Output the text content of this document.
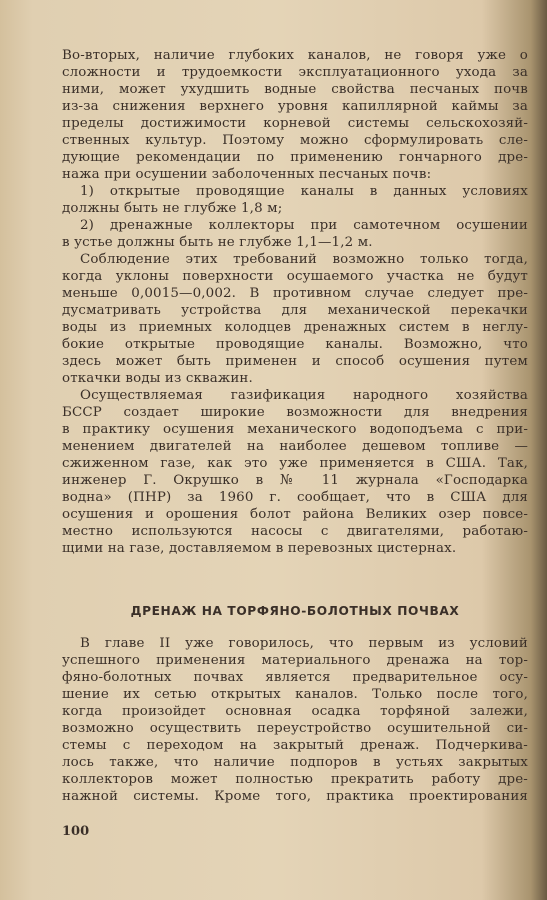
Во-вторых, наличие глубоких каналов, не говоря уже о
сложности и трудоемкости эксплуатационного ухода за
ними, может ухудшить водные свойства песчаных почв
из-за снижения верхнего уровня капиллярной каймы за
пределы достижимости корневой системы сельскохозяй-
ственных культур. Поэтому можно сформулировать сле-
дующие рекомендации по применению гончарного дре-
нажа при осушении заболоченных песчаных почв:
1) открытые проводящие каналы в данных условиях
должны быть не глубже 1,8 м;
2) дренажные коллекторы при самотечном осушении
в устье должны быть не глубже 1,1—1,2 м.
Соблюдение этих требований возможно только тогда,
когда уклоны поверхности осушаемого участка не будут
меньше 0,0015—0,002. В противном случае следует пре-
дусматривать устройства для механической перекачки
воды из приемных колодцев дренажных систем в неглу-
бокие открытые проводящие каналы. Возможно, что
здесь может быть применен и способ осушения путем
откачки воды из скважин.
Осуществляемая газификация народного хозяйства
БССР создает широкие возможности для внедрения
в практику осушения механического водоподъема с при-
менением двигателей на наиболее дешевом топливе —
сжиженном газе, как это уже применяется в США. Так,
инженер Г. Окрушко в № 11 журнала «Господарка
водна» (ПНР) за 1960 г. сообщает, что в США для
осушения и орошения болот района Великих озер повсе-
местно используются насосы с двигателями, работаю-
щими на газе, доставляемом в перевозных цистернах.
ДРЕНАЖ НА ТОРФЯНО-БОЛОТНЫХ ПОЧВАХ
В главе II уже говорилось, что первым из условий
успешного применения материального дренажа на тор-
фяно-болотных почвах является предварительное осу-
шение их сетью открытых каналов. Только после того,
когда произойдет основная осадка торфяной залежи,
возможно осуществить переустройство осушительной си-
стемы с переходом на закрытый дренаж. Подчеркива-
лось также, что наличие подпоров в устьях закрытых
коллекторов может полностью прекратить работу дре-
нажной системы. Кроме того, практика проектирования
100
